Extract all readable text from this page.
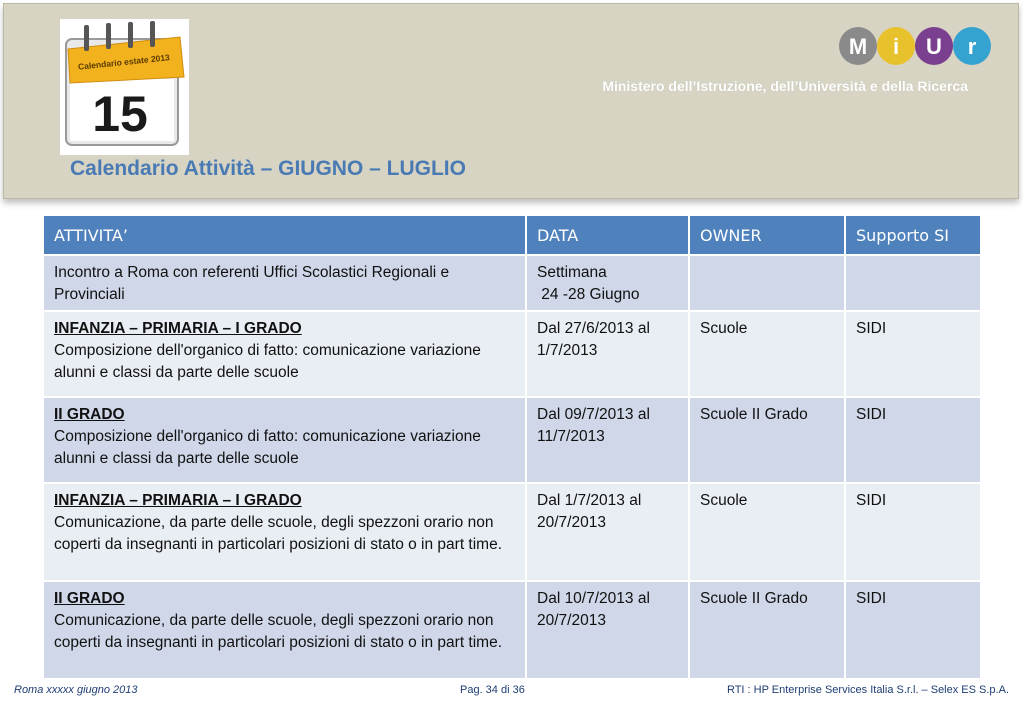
Calendario estate 2013
15
M i U r
Ministero dell’Istruzione, dell’Università e della Ricerca
Calendario Attività – GIUGNO – LUGLIO
ATTIVITA’	DATA	OWNER	Supporto SI
Incontro a Roma con referenti Uffici Scolastici Regionali e Provinciali	Settimana
24 -28 Giugno		

INFANZIA – PRIMARIA – I GRADO
Composizione dell'organico di fatto: comunicazione variazione alunni e classi da parte delle scuole	Dal 27/6/2013 al
1/7/2013	Scuole	SIDI

II GRADO
Composizione dell'organico di fatto: comunicazione variazione alunni e classi da parte delle scuole	Dal 09/7/2013 al
11/7/2013	Scuole II Grado	SIDI

INFANZIA – PRIMARIA – I GRADO
Comunicazione, da parte delle scuole, degli spezzoni orario non coperti da insegnanti in particolari posizioni di stato o in part time.	Dal 1/7/2013 al
20/7/2013	Scuole	SIDI

II GRADO
Comunicazione, da parte delle scuole, degli spezzoni orario non coperti da insegnanti in particolari posizioni di stato o in part time.	Dal 10/7/2013 al
20/7/2013	Scuole II Grado	SIDI
Roma xxxxx giugno 2013	Pag. 34 di 36	RTI : HP Enterprise Services Italia S.r.l. – Selex ES S.p.A.
